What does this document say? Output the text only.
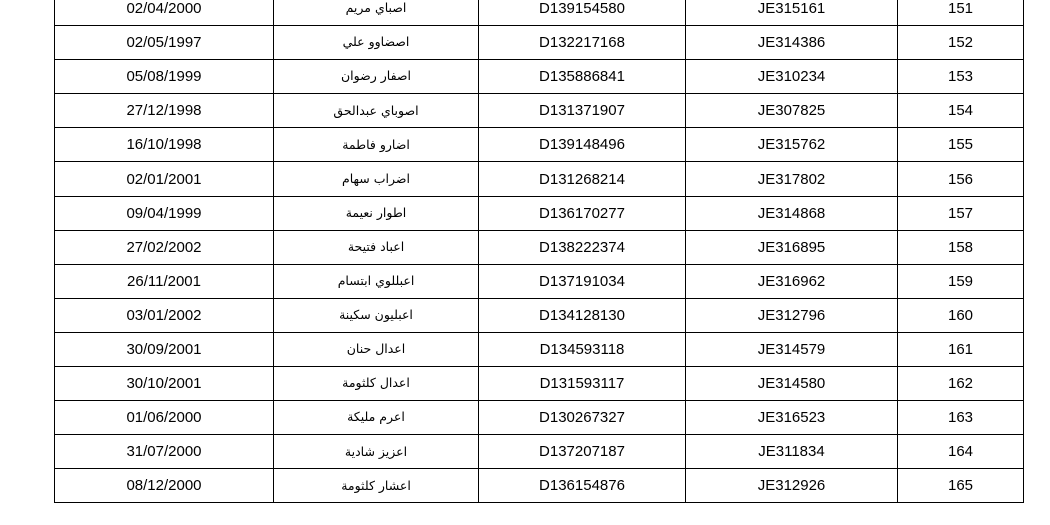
02/04/2000	اصباي مريم	D139154580	JE315161	151
02/05/1997	اصضاوو علي	D132217168	JE314386	152
05/08/1999	اصفار رضوان	D135886841	JE310234	153
27/12/1998	اصوباي عبدالحق	D131371907	JE307825	154
16/10/1998	اضارو فاطمة	D139148496	JE315762	155
02/01/2001	اضراب سهام	D131268214	JE317802	156
09/04/1999	اطوار نعيمة	D136170277	JE314868	157
27/02/2002	اعباد فتيحة	D138222374	JE316895	158
26/11/2001	اعبللوي ابتسام	D137191034	JE316962	159
03/01/2002	اعبليون سكينة	D134128130	JE312796	160
30/09/2001	اعدال حنان	D134593118	JE314579	161
30/10/2001	اعدال كلثومة	D131593117	JE314580	162
01/06/2000	اعرم مليكة	D130267327	JE316523	163
31/07/2000	اعزيز شادية	D137207187	JE311834	164
08/12/2000	اعشار كلثومة	D136154876	JE312926	165
